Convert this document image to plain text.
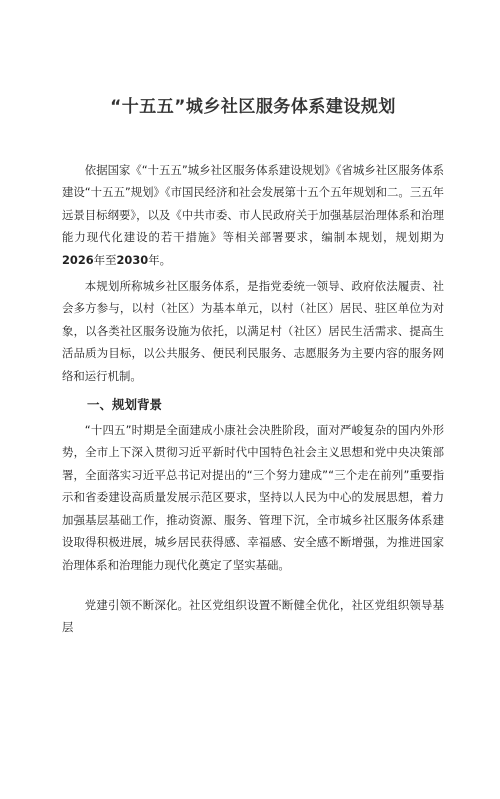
“十五五”城乡社区服务体系建设规划

依据国家《“十五五”城乡社区服务体系建设规划》《省城乡社区服务体系建设“十五五”规划》《市国民经济和社会发展第十五个五年规划和二。三五年远景目标纲要》，以及《中共市委、市人民政府关于加强基层治理体系和治理能力现代化建设的若干措施》等相关部署要求，编制本规划，规划期为2026年至2030年。

本规划所称城乡社区服务体系，是指党委统一领导、政府依法履责、社会多方参与，以村（社区）为基本单元，以村（社区）居民、驻区单位为对象，以各类社区服务设施为依托，以满足村（社区）居民生活需求、提高生活品质为目标，以公共服务、便民利民服务、志愿服务为主要内容的服务网络和运行机制。

一、规划背景

“十四五”时期是全面建成小康社会决胜阶段，面对严峻复杂的国内外形势，全市上下深入贯彻习近平新时代中国特色社会主义思想和党中央决策部署，全面落实习近平总书记对提出的“三个努力建成”“三个走在前列”重要指示和省委建设高质量发展示范区要求，坚持以人民为中心的发展思想，着力加强基层基础工作，推动资源、服务、管理下沉，全市城乡社区服务体系建设取得积极进展，城乡居民获得感、幸福感、安全感不断增强，为推进国家治理体系和治理能力现代化奠定了坚实基础。

党建引领不断深化。社区党组织设置不断健全优化，社区党组织领导基层
